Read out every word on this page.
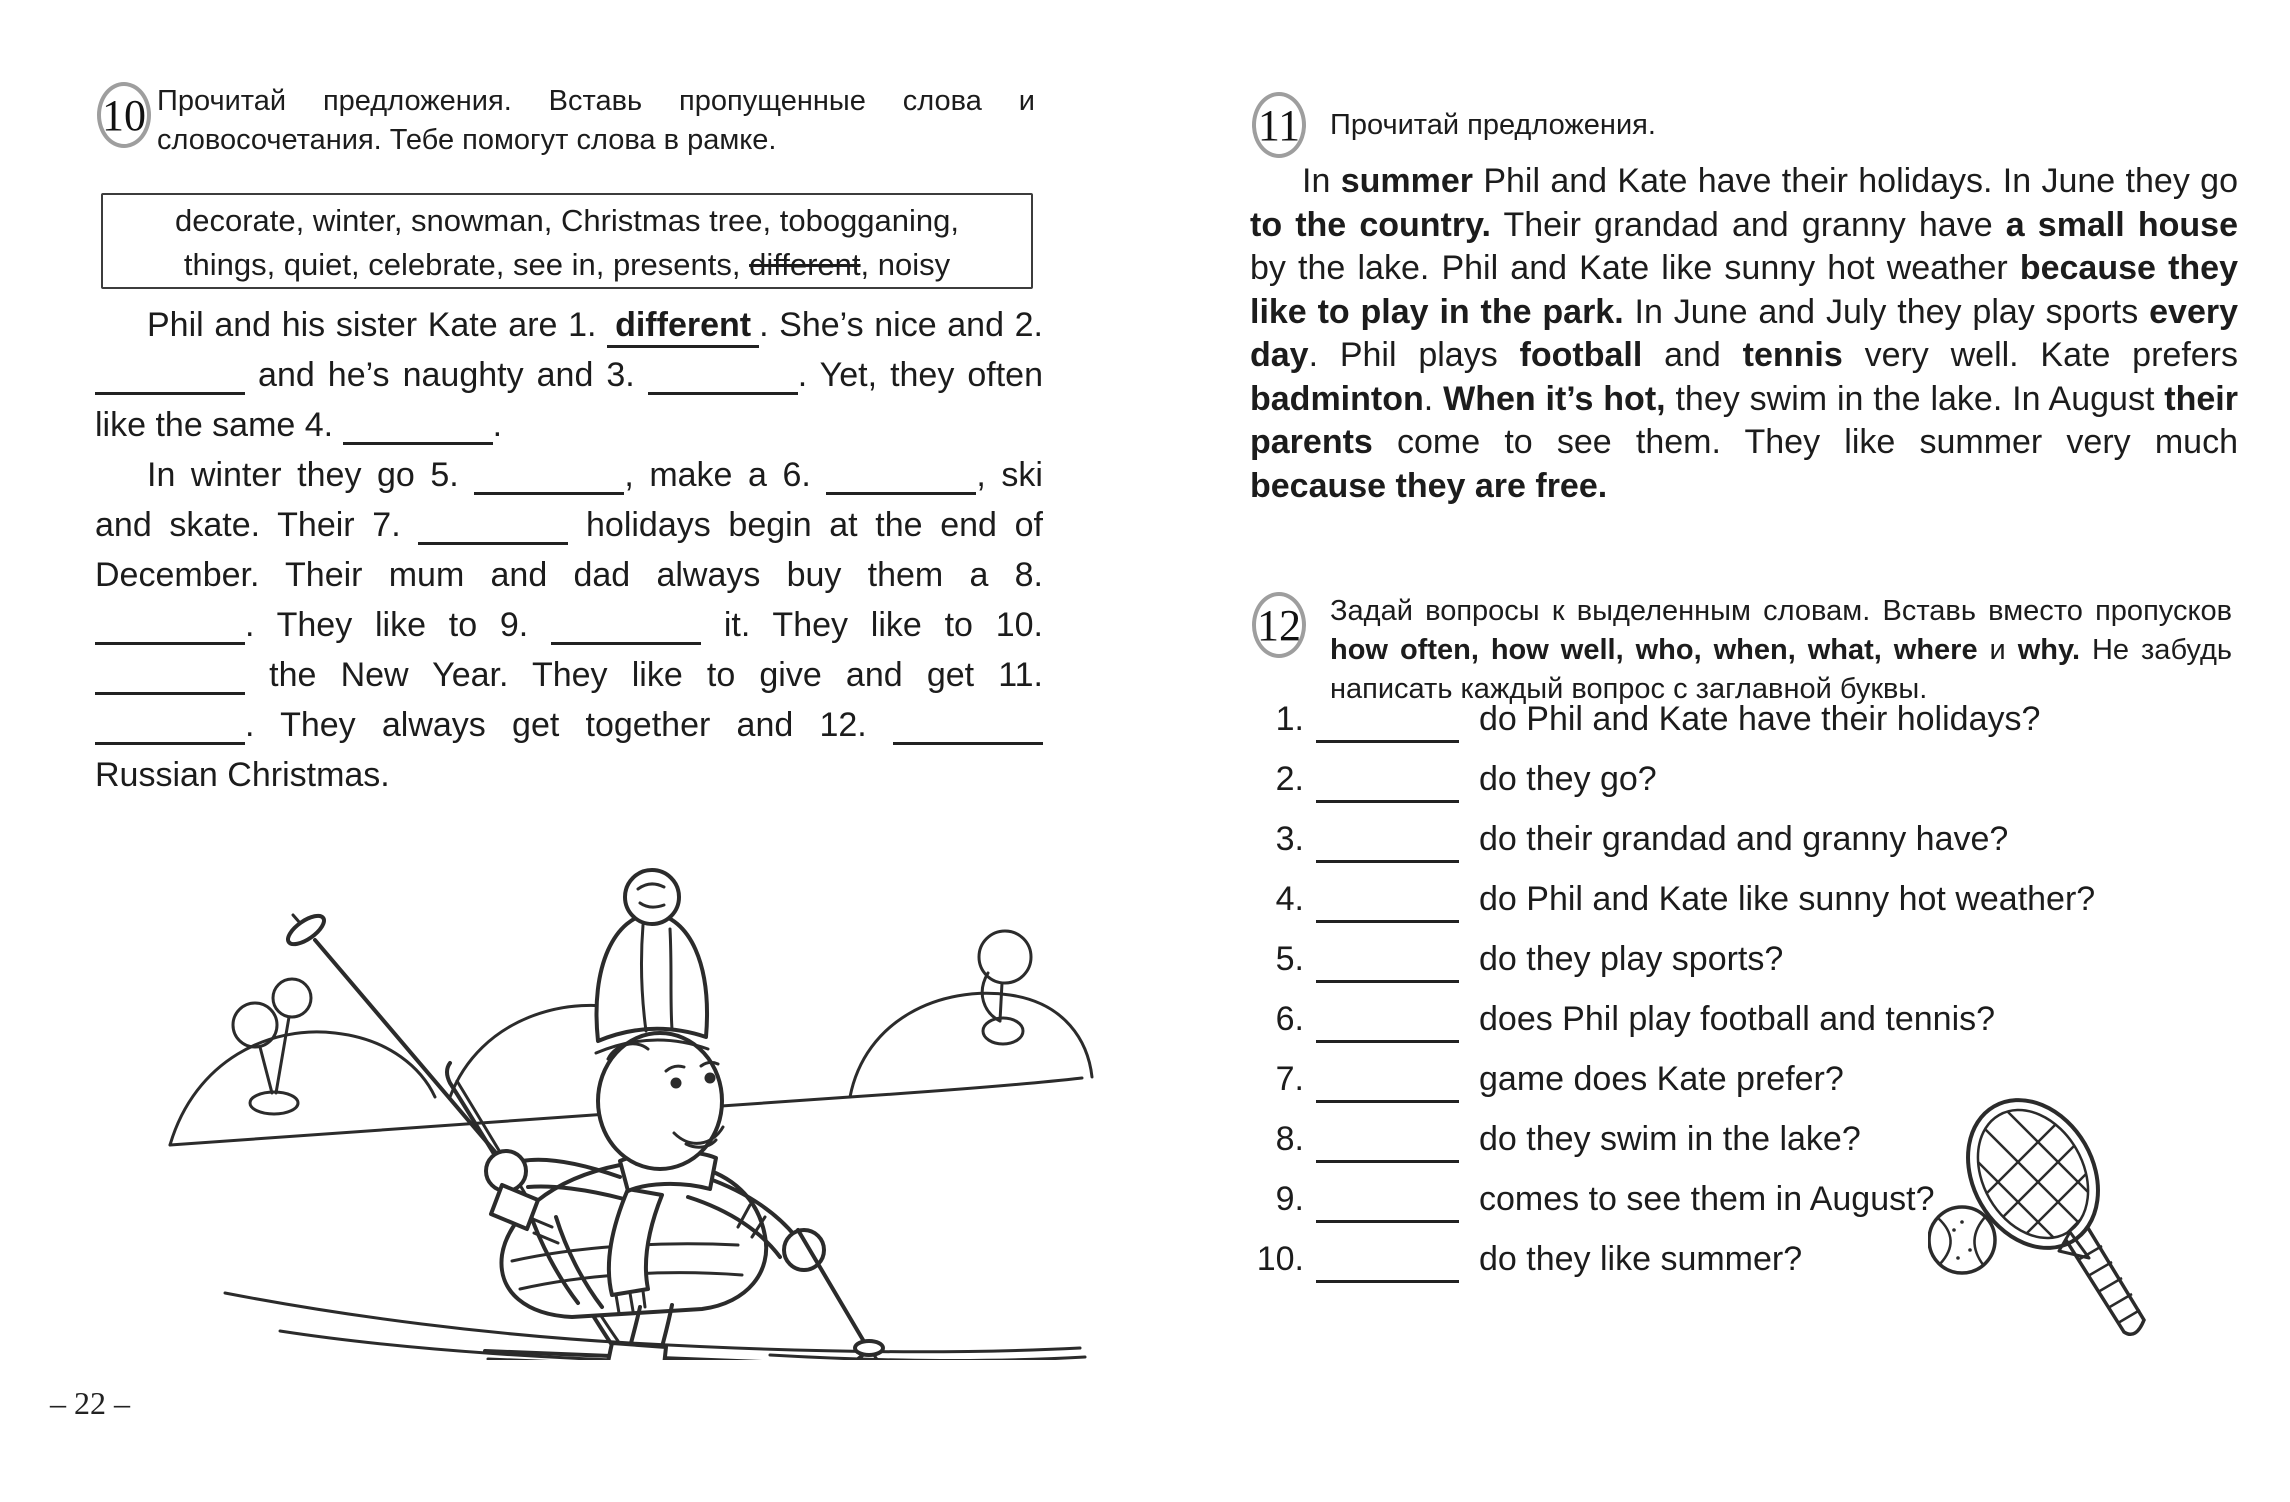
10 Прочитай предложения. Вставь пропущенные слова и словосочетания. Тебе помогут слова в рамке.
decorate, winter, snowman, Christmas tree, tobogganing,
things, quiet, celebrate, see in, presents, different, noisy

Phil and his sister Kate are 1. different . She’s nice and 2.  and he’s naughty and 3.	. Yet, they often like the same 4.	.

In winter they go 5.	, make a 6.	, ski and skate. Their 7.	holidays begin at the end of December. Their mum and dad always buy them a 8. . They like to 9.	it. They like to 10.  the New Year. They like to give and get 11. . They always get together and 12.  Russian Christmas.

– 22 –
11 Прочитай предложения.

In summer Phil and Kate have their holidays. In June they go to the country. Their grandad and granny have a small house by the lake. Phil and Kate like sunny hot weather because they like to play in the park. In June and July they play sports every day. Phil plays football and tennis very well. Kate prefers badminton. When it’s hot, they swim in the lake. In August their parents come to see them. They like summer very much because they are free.

12 Задай вопросы к выделенным словам. Вставь вместо пропусков how often, how well, who, when, what, where и why. Не забудь написать каждый вопрос с заглавной буквы.
1.	do Phil and Kate have their holidays?
2.	do they go?
3.	do their grandad and granny have?
4.	do Phil and Kate like sunny hot weather?
5.	do they play sports?
6.	does Phil play football and tennis?
7.	game does Kate prefer?
8.	do they swim in the lake?
9.	comes to see them in August?
10.	do they like summer?
